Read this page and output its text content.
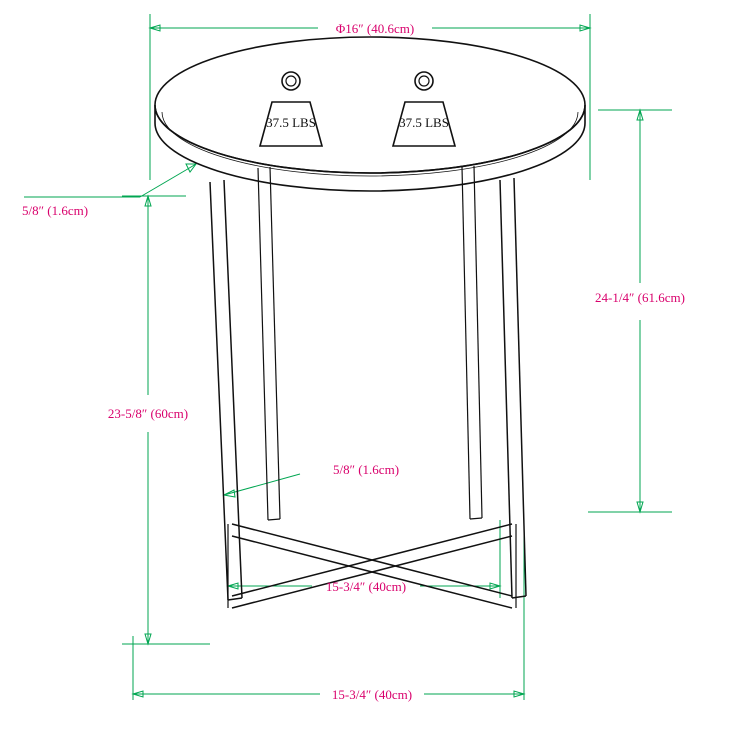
37.5 LBS	37.5 LBS
Φ16″ (40.6cm)
5/8″ (1.6cm)
24-1/4″ (61.6cm)
23-5/8″ (60cm)
5/8″ (1.6cm)
15-3/4″ (40cm)
15-3/4″ (40cm)
